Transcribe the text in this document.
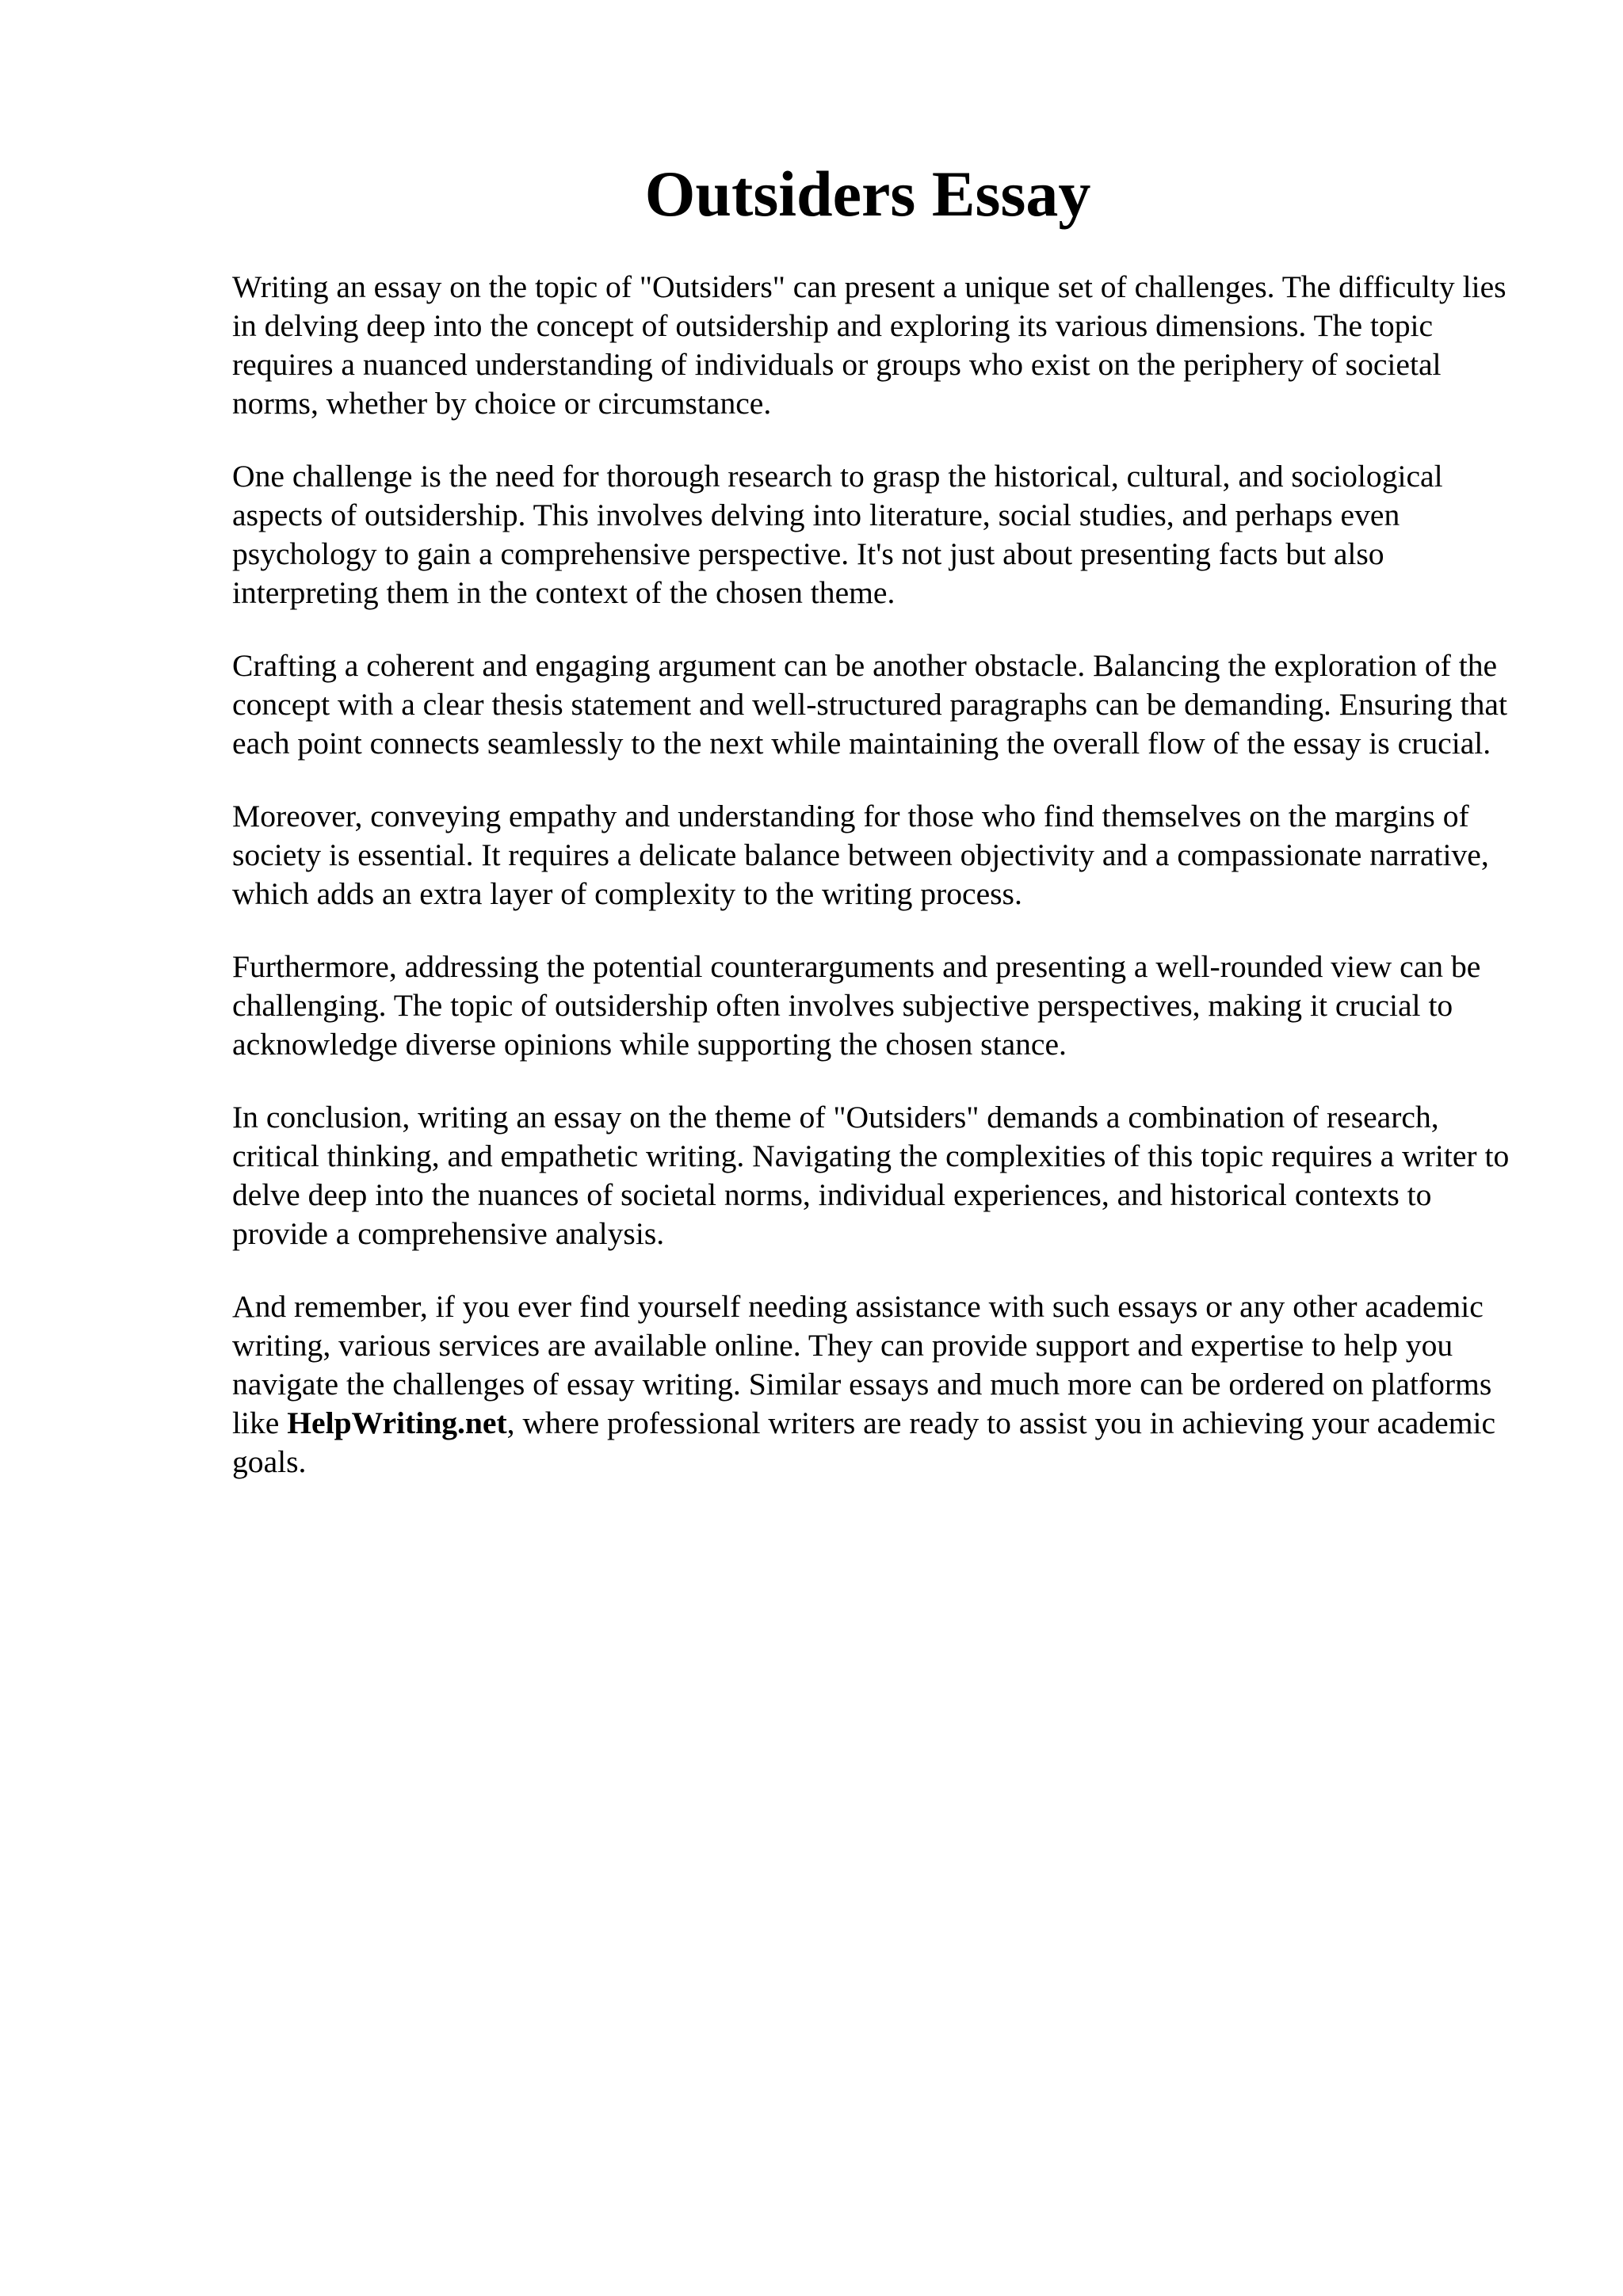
Outsiders Essay

Writing an essay on the topic of "Outsiders" can present a unique set of challenges. The difficulty lies in delving deep into the concept of outsidership and exploring its various dimensions. The topic requires a nuanced understanding of individuals or groups who exist on the periphery of societal norms, whether by choice or circumstance.

One challenge is the need for thorough research to grasp the historical, cultural, and sociological aspects of outsidership. This involves delving into literature, social studies, and perhaps even psychology to gain a comprehensive perspective. It's not just about presenting facts but also interpreting them in the context of the chosen theme.

Crafting a coherent and engaging argument can be another obstacle. Balancing the exploration of the concept with a clear thesis statement and well-structured paragraphs can be demanding. Ensuring that each point connects seamlessly to the next while maintaining the overall flow of the essay is crucial.

Moreover, conveying empathy and understanding for those who find themselves on the margins of society is essential. It requires a delicate balance between objectivity and a compassionate narrative, which adds an extra layer of complexity to the writing process.

Furthermore, addressing the potential counterarguments and presenting a well-rounded view can be challenging. The topic of outsidership often involves subjective perspectives, making it crucial to acknowledge diverse opinions while supporting the chosen stance.

In conclusion, writing an essay on the theme of "Outsiders" demands a combination of research, critical thinking, and empathetic writing. Navigating the complexities of this topic requires a writer to delve deep into the nuances of societal norms, individual experiences, and historical contexts to provide a comprehensive analysis.

And remember, if you ever find yourself needing assistance with such essays or any other academic writing, various services are available online. They can provide support and expertise to help you navigate the challenges of essay writing. Similar essays and much more can be ordered on platforms like HelpWriting.net, where professional writers are ready to assist you in achieving your academic goals.
